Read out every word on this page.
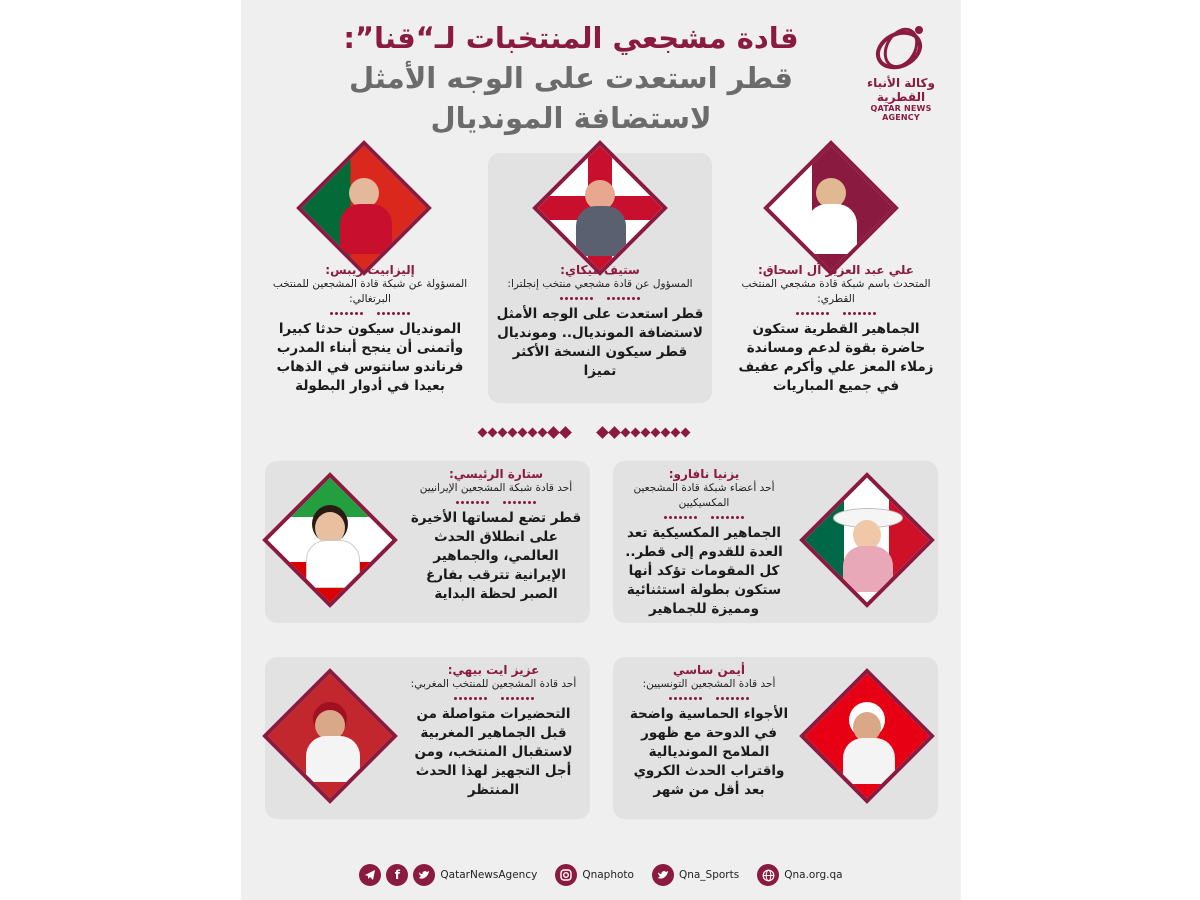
وكالة الأنباء القطرية
QATAR NEWS AGENCY
قادة مشجعي المنتخبات لـ“قنا”:
قطر استعدت على الوجه الأمثل
لاستضافة المونديال
علي عبد العزيز آل اسحاق:
المتحدث باسم شبكة قادة مشجعي المنتخب القطري:
الجماهير القطرية ستكون حاضرة بقوة لدعم ومساندة زملاء المعز علي وأكرم عفيف في جميع المباريات
ستيف ميكاي:
المسؤول عن قادة مشجعي منتخب إنجلترا:
قطر استعدت على الوجه الأمثل لاستضافة المونديال.. ومونديال قطر سيكون النسخة الأكثر تميزا
إليزابيت ريبس:
المسؤولة عن شبكة قادة المشجعين للمنتخب البرتغالي:
المونديال سيكون حدثا كبيرا وأتمنى أن ينجح أبناء المدرب فرناندو سانتوس في الذهاب بعيدا في أدوار البطولة
يزنيا نافارو:
أحد أعضاء شبكة قادة المشجعين المكسيكيين
الجماهير المكسيكية تعد العدة للقدوم إلى قطر.. كل المقومات تؤكد أنها ستكون بطولة استثنائية ومميزة للجماهير
ستارة الرئيسي:
أحد قادة شبكة المشجعين الإيرانيين
قطر تضع لمساتها الأخيرة على انطلاق الحدث العالمي، والجماهير الإيرانية تترقب بفارغ الصبر لحظة البداية
أيمن ساسي
أحد قادة المشجعين التونسيين:
الأجواء الحماسية واضحة في الدوحة مع ظهور الملامح المونديالية واقتراب الحدث الكروي بعد أقل من شهر
عزيز ايت بيهي:
أحد قادة المشجعين للمنتخب المغربي:
التحضيرات متواصلة من قبل الجماهير المغربية لاستقبال المنتخب، ومن أجل التجهيز لهذا الحدث المنتظر
f	QatarNewsAgency	Qnaphoto	Qna_Sports	Qna.org.qa
